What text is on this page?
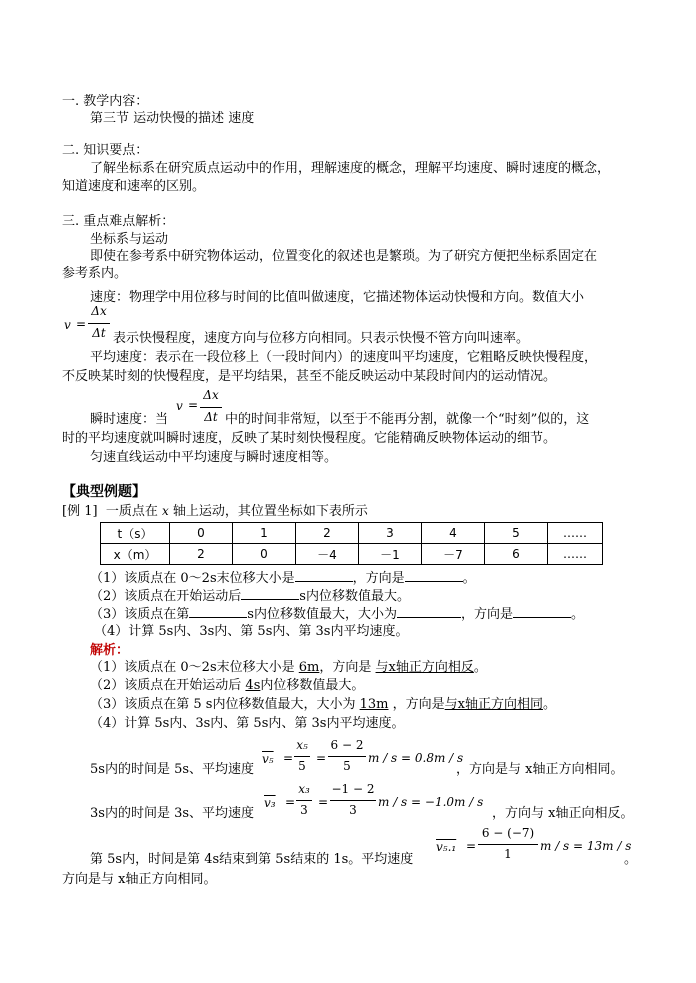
一. 教学内容：
第三节 运动快慢的描述 速度
二. 知识要点：
了解坐标系在研究质点运动中的作用，理解速度的概念，理解平均速度、瞬时速度的概念，
知道速度和速率的区别。
三. 重点难点解析：
坐标系与运动
即使在参考系中研究物体运动，位置变化的叙述也是繁琐。为了研究方便把坐标系固定在
参考系内。
速度：物理学中用位移与时间的比值叫做速度，它描述物体运动快慢和方向。数值大小
v =
Δx
Δt 表示快慢程度，速度方向与位移方向相同。只表示快慢不管方向叫速率。
平均速度：表示在一段位移上（一段时间内）的速度叫平均速度，它粗略反映快慢程度，
不反映某时刻的快慢程度，是平均结果，甚至不能反映运动中某段时间内的运动情况。
瞬时速度：当
v =
Δx
Δt 中的时间非常短，以至于不能再分割，就像一个“时刻”似的，这
时的平均速度就叫瞬时速度，反映了某时刻快慢程度。它能精确反映物体运动的细节。
匀速直线运动中平均速度与瞬时速度相等。
【典型例题】
[例 1] 一质点在 x 轴上运动，其位置坐标如下表所示
t（s）	0	1	2	3	4	5	……
x（m）	2	0	－4	－1	－7	6	……
（1）该质点在 0～2s末位移大小是	，方向是	。
（2）该质点在开始运动后	s内位移数值最大。
（3）该质点在第	s内位移数值最大，大小为	，方向是	。
（4）计算 5s内、3s内、第 5s内、第 3s内平均速度。
解析：
（1）该质点在 0～2s末位移大小是 6m，方向是 与x轴正方向相反。
（2）该质点在开始运动后 4s内位移数值最大。
（3）该质点在第 5 s内位移数值最大，大小为 13m ，方向是与x轴正方向相同。
（4）计算 5s内、3s内、第 5s内、第 3s内平均速度。
5s内的时间是 5s、平均速度
v₅ =
x₅
5
=
6 − 2
5
m / s = 0.8m / s
，方向是与 x轴正方向相同。
3s内的时间是 3s、平均速度
v₃ =
x₃
3
=
−1 − 2
3
m / s = −1.0m / s
，方向与 x轴正向相反。
第 5s内，时间是第 4s结束到第 5s结束的 1s。平均速度
v₅.₁ =
6 − (−7)
1
m / s = 13m / s
。
方向是与 x轴正方向相同。
